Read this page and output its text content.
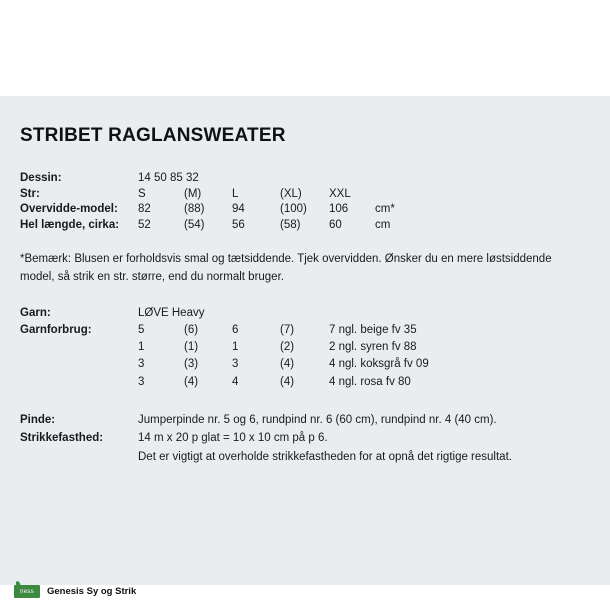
STRIBET RAGLANSWEATER
Dessin:	14 50 85 32					
Str:	S	(M)	L	(XL)	XXL	
Overvidde-model:	82	(88)	94	(100)	106	cm*
Hel længde, cirka:	52	(54)	56	(58)	60	cm

*Bemærk: Blusen er forholdsvis smal og tætsiddende. Tjek overvidden. Ønsker du en mere løstsiddende model, så strik en str. større, end du normalt bruger.

Garn:	LØVE Heavy				
Garnforbrug:	5	(6)	6	(7)	7 ngl. beige fv 35
	1	(1)	1	(2)	2 ngl. syren fv 88
	3	(3)	3	(4)	4 ngl. koksgrå fv 09
	3	(4)	4	(4)	4 ngl. rosa fv 80
Pinde:	Jumperpinde nr. 5 og 6, rundpind nr. 6 (60 cm), rundpind nr. 4 (40 cm).
Strikkefasthed:	14 m x 20 p glat = 10 x 10 cm på p 6.
	Det er vigtigt at overholde strikkefastheden for at opnå det rigtige resultat.
ness	Genesis Sy og Strik
